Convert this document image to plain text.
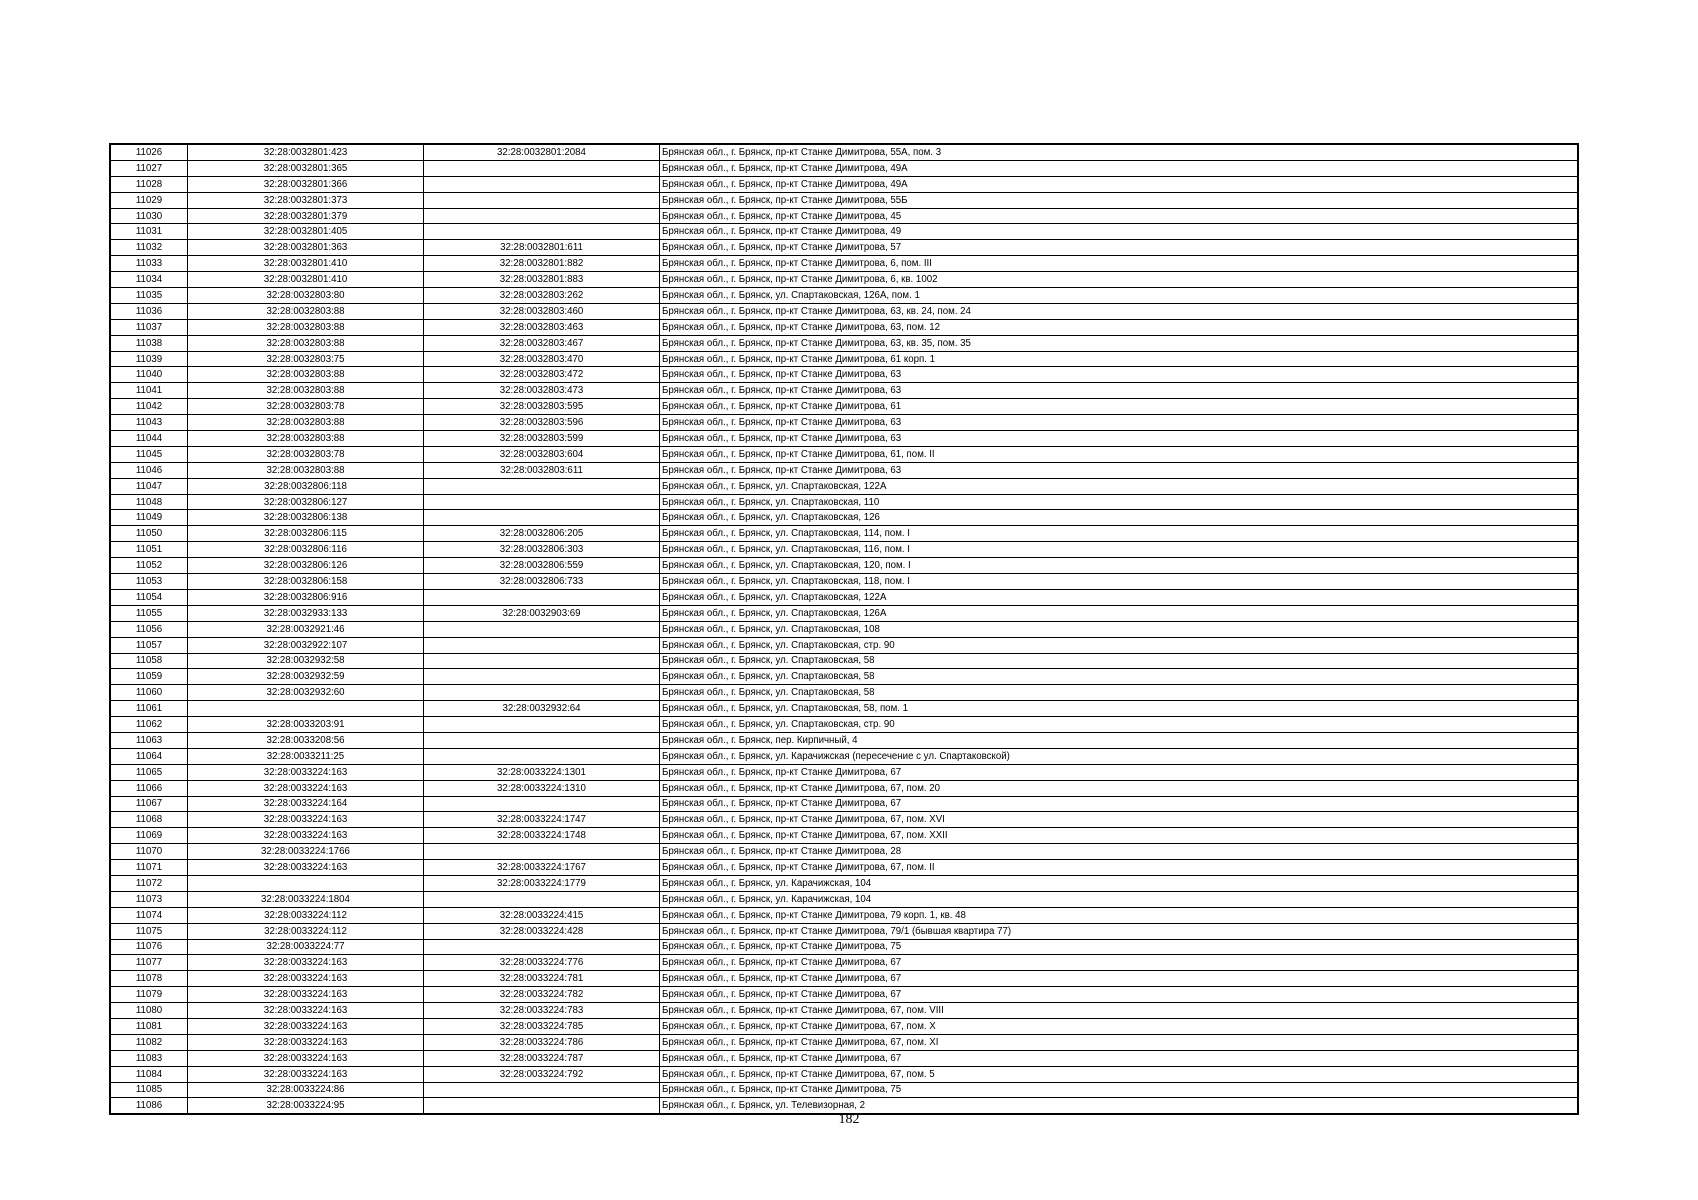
11026	32:28:0032801:423	32:28:0032801:2084	Брянская обл., г. Брянск, пр-кт Станке Димитрова, 55А, пом. 3
11027	32:28:0032801:365		Брянская обл., г. Брянск, пр-кт Станке Димитрова, 49А
11028	32:28:0032801:366		Брянская обл., г. Брянск, пр-кт Станке Димитрова, 49А
11029	32:28:0032801:373		Брянская обл., г. Брянск, пр-кт Станке Димитрова, 55Б
11030	32:28:0032801:379		Брянская обл., г. Брянск, пр-кт Станке Димитрова, 45
11031	32:28:0032801:405		Брянская обл., г. Брянск, пр-кт Станке Димитрова, 49
11032	32:28:0032801:363	32:28:0032801:611	Брянская обл., г. Брянск, пр-кт Станке Димитрова, 57
11033	32:28:0032801:410	32:28:0032801:882	Брянская обл., г. Брянск, пр-кт Станке Димитрова, 6, пом. III
11034	32:28:0032801:410	32:28:0032801:883	Брянская обл., г. Брянск, пр-кт Станке Димитрова, 6, кв. 1002
11035	32:28:0032803:80	32:28:0032803:262	Брянская обл., г. Брянск, ул. Спартаковская, 126А, пом. 1
11036	32:28:0032803:88	32:28:0032803:460	Брянская обл., г. Брянск, пр-кт Станке Димитрова, 63, кв. 24, пом. 24
11037	32:28:0032803:88	32:28:0032803:463	Брянская обл., г. Брянск, пр-кт Станке Димитрова, 63, пом. 12
11038	32:28:0032803:88	32:28:0032803:467	Брянская обл., г. Брянск, пр-кт Станке Димитрова, 63, кв. 35, пом. 35
11039	32:28:0032803:75	32:28:0032803:470	Брянская обл., г. Брянск, пр-кт Станке Димитрова, 61 корп. 1
11040	32:28:0032803:88	32:28:0032803:472	Брянская обл., г. Брянск, пр-кт Станке Димитрова, 63
11041	32:28:0032803:88	32:28:0032803:473	Брянская обл., г. Брянск, пр-кт Станке Димитрова, 63
11042	32:28:0032803:78	32:28:0032803:595	Брянская обл., г. Брянск, пр-кт Станке Димитрова, 61
11043	32:28:0032803:88	32:28:0032803:596	Брянская обл., г. Брянск, пр-кт Станке Димитрова, 63
11044	32:28:0032803:88	32:28:0032803:599	Брянская обл., г. Брянск, пр-кт Станке Димитрова, 63
11045	32:28:0032803:78	32:28:0032803:604	Брянская обл., г. Брянск, пр-кт Станке Димитрова, 61, пом. II
11046	32:28:0032803:88	32:28:0032803:611	Брянская обл., г. Брянск, пр-кт Станке Димитрова, 63
11047	32:28:0032806:118		Брянская обл., г. Брянск, ул. Спартаковская, 122А
11048	32:28:0032806:127		Брянская обл., г. Брянск, ул. Спартаковская, 110
11049	32:28:0032806:138		Брянская обл., г. Брянск, ул. Спартаковская, 126
11050	32:28:0032806:115	32:28:0032806:205	Брянская обл., г. Брянск, ул. Спартаковская, 114, пом. I
11051	32:28:0032806:116	32:28:0032806:303	Брянская обл., г. Брянск, ул. Спартаковская, 116, пом. I
11052	32:28:0032806:126	32:28:0032806:559	Брянская обл., г. Брянск, ул. Спартаковская, 120, пом. I
11053	32:28:0032806:158	32:28:0032806:733	Брянская обл., г. Брянск, ул. Спартаковская, 118, пом. I
11054	32:28:0032806:916		Брянская обл., г. Брянск, ул. Спартаковская, 122А
11055	32:28:0032933:133	32:28:0032903:69	Брянская обл., г. Брянск, ул. Спартаковская, 126А
11056	32:28:0032921:46		Брянская обл., г. Брянск, ул. Спартаковская, 108
11057	32:28:0032922:107		Брянская обл., г. Брянск, ул. Спартаковская, стр. 90
11058	32:28:0032932:58		Брянская обл., г. Брянск, ул. Спартаковская, 58
11059	32:28:0032932:59		Брянская обл., г. Брянск, ул. Спартаковская, 58
11060	32:28:0032932:60		Брянская обл., г. Брянск, ул. Спартаковская, 58
11061		32:28:0032932:64	Брянская обл., г. Брянск, ул. Спартаковская, 58, пом. 1
11062	32:28:0033203:91		Брянская обл., г. Брянск, ул. Спартаковская, стр. 90
11063	32:28:0033208:56		Брянская обл., г. Брянск, пер. Кирпичный, 4
11064	32:28:0033211:25		Брянская обл., г. Брянск, ул. Карачижская (пересечение с ул. Спартаковской)
11065	32:28:0033224:163	32:28:0033224:1301	Брянская обл., г. Брянск, пр-кт Станке Димитрова, 67
11066	32:28:0033224:163	32:28:0033224:1310	Брянская обл., г. Брянск, пр-кт Станке Димитрова, 67, пом. 20
11067	32:28:0033224:164		Брянская обл., г. Брянск, пр-кт Станке Димитрова, 67
11068	32:28:0033224:163	32:28:0033224:1747	Брянская обл., г. Брянск, пр-кт Станке Димитрова, 67, пом. XVI
11069	32:28:0033224:163	32:28:0033224:1748	Брянская обл., г. Брянск, пр-кт Станке Димитрова, 67, пом. XXII
11070	32:28:0033224:1766		Брянская обл., г. Брянск, пр-кт Станке Димитрова, 28
11071	32:28:0033224:163	32:28:0033224:1767	Брянская обл., г. Брянск, пр-кт Станке Димитрова, 67, пом. II
11072		32:28:0033224:1779	Брянская обл., г. Брянск, ул. Карачижская, 104
11073	32:28:0033224:1804		Брянская обл., г. Брянск, ул. Карачижская, 104
11074	32:28:0033224:112	32:28:0033224:415	Брянская обл., г. Брянск, пр-кт Станке Димитрова, 79 корп. 1, кв. 48
11075	32:28:0033224:112	32:28:0033224:428	Брянская обл., г. Брянск, пр-кт Станке Димитрова, 79/1 (бывшая квартира 77)
11076	32:28:0033224:77		Брянская обл., г. Брянск, пр-кт Станке Димитрова, 75
11077	32:28:0033224:163	32:28:0033224:776	Брянская обл., г. Брянск, пр-кт Станке Димитрова, 67
11078	32:28:0033224:163	32:28:0033224:781	Брянская обл., г. Брянск, пр-кт Станке Димитрова, 67
11079	32:28:0033224:163	32:28:0033224:782	Брянская обл., г. Брянск, пр-кт Станке Димитрова, 67
11080	32:28:0033224:163	32:28:0033224:783	Брянская обл., г. Брянск, пр-кт Станке Димитрова, 67, пом. VIII
11081	32:28:0033224:163	32:28:0033224:785	Брянская обл., г. Брянск, пр-кт Станке Димитрова, 67, пом. X
11082	32:28:0033224:163	32:28:0033224:786	Брянская обл., г. Брянск, пр-кт Станке Димитрова, 67, пом. XI
11083	32:28:0033224:163	32:28:0033224:787	Брянская обл., г. Брянск, пр-кт Станке Димитрова, 67
11084	32:28:0033224:163	32:28:0033224:792	Брянская обл., г. Брянск, пр-кт Станке Димитрова, 67, пом. 5
11085	32:28:0033224:86		Брянская обл., г. Брянск, пр-кт Станке Димитрова, 75
11086	32:28:0033224:95		Брянская обл., г. Брянск, ул. Телевизорная, 2
182
